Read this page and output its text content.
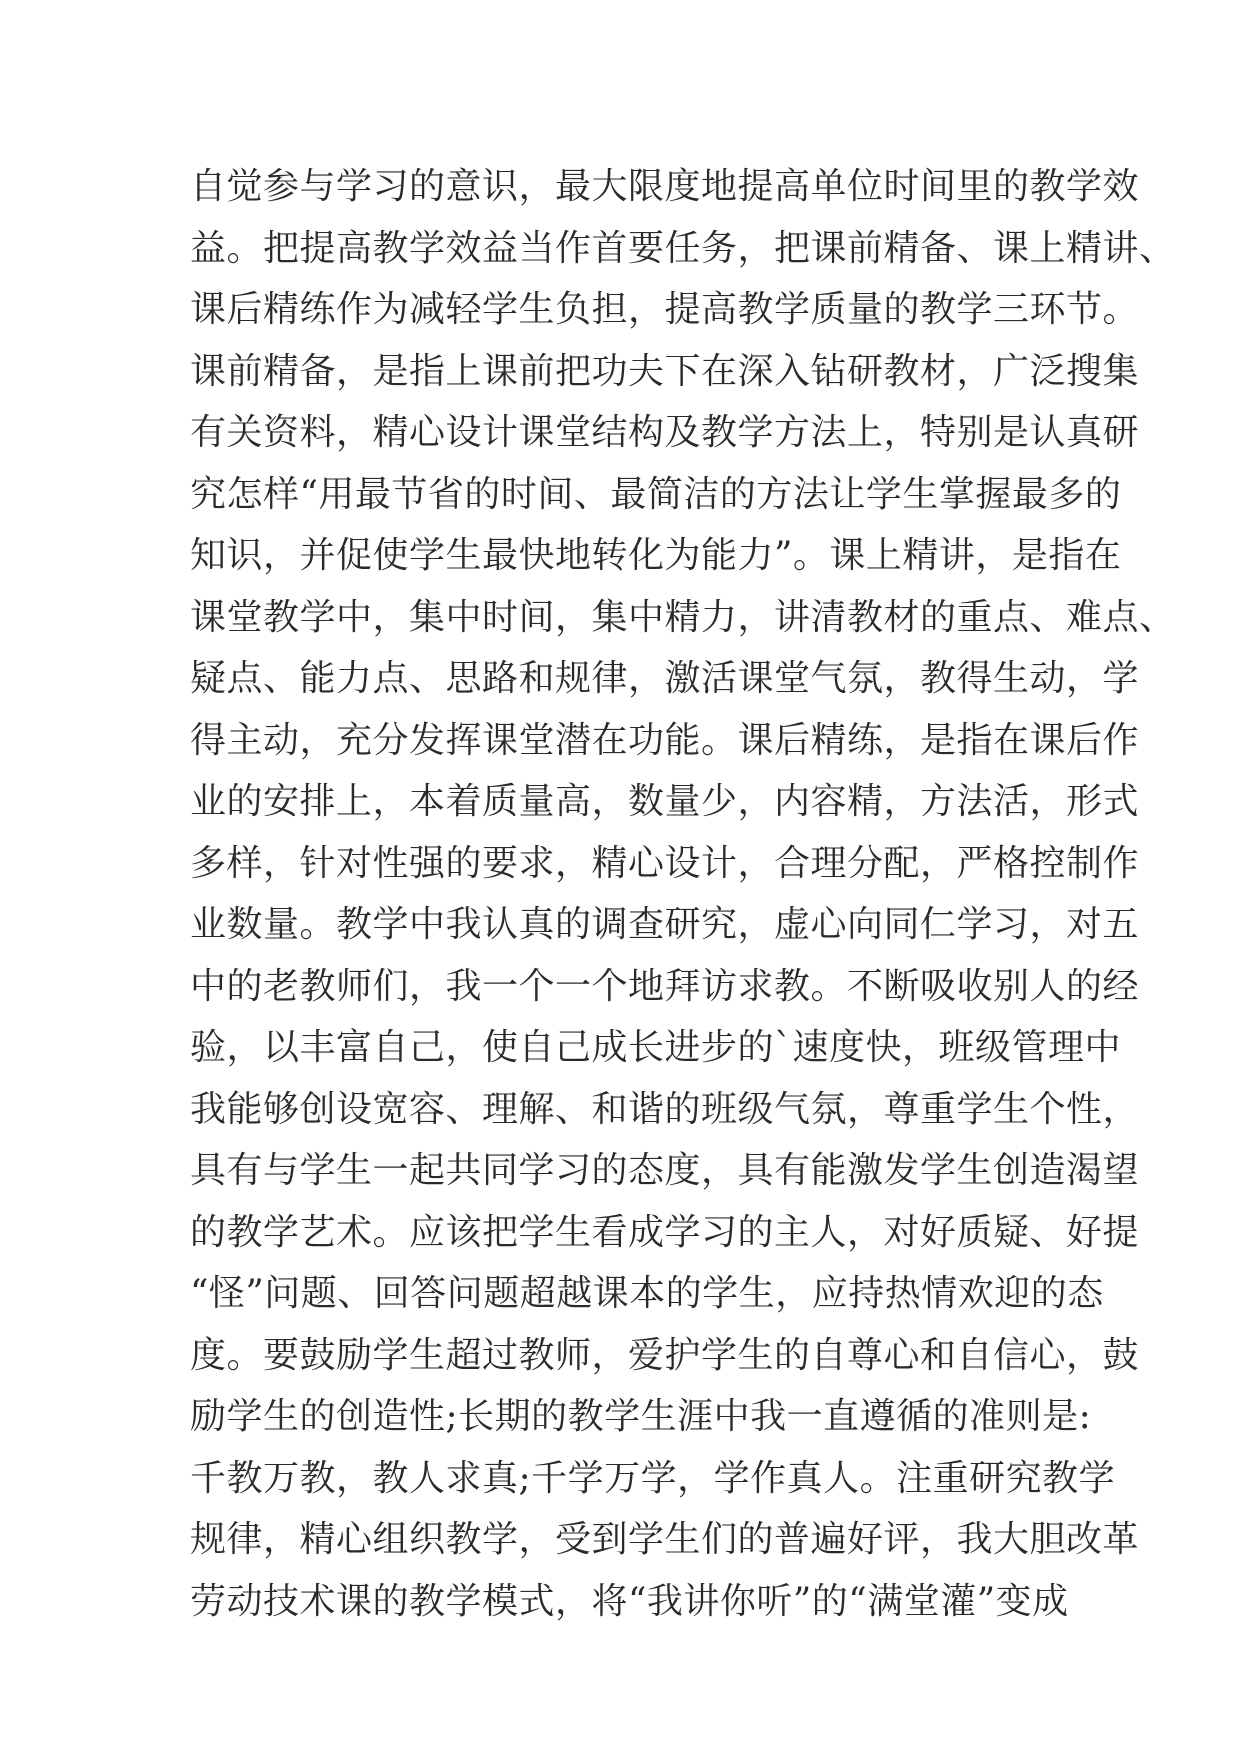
自觉参与学习的意识，最大限度地提高单位时间里的教学效
益。把提高教学效益当作首要任务，把课前精备、课上精讲、
课后精练作为减轻学生负担，提高教学质量的教学三环节。
课前精备，是指上课前把功夫下在深入钻研教材，广泛搜集
有关资料，精心设计课堂结构及教学方法上，特别是认真研
究怎样“用最节省的时间、最简洁的方法让学生掌握最多的
知识，并促使学生最快地转化为能力”。课上精讲，是指在
课堂教学中，集中时间，集中精力，讲清教材的重点、难点、
疑点、能力点、思路和规律，激活课堂气氛，教得生动，学
得主动，充分发挥课堂潜在功能。课后精练，是指在课后作
业的安排上，本着质量高，数量少，内容精，方法活，形式
多样，针对性强的要求，精心设计，合理分配，严格控制作
业数量。教学中我认真的调查研究，虚心向同仁学习，对五
中的老教师们，我一个一个地拜访求教。不断吸收别人的经
验，以丰富自己，使自己成长进步的`速度快，班级管理中
我能够创设宽容、理解、和谐的班级气氛，尊重学生个性，
具有与学生一起共同学习的态度，具有能激发学生创造渴望
的教学艺术。应该把学生看成学习的主人，对好质疑、好提
“怪”问题、回答问题超越课本的学生，应持热情欢迎的态
度。要鼓励学生超过教师，爱护学生的自尊心和自信心，鼓
励学生的创造性;长期的教学生涯中我一直遵循的准则是:
千教万教，教人求真;千学万学，学作真人。注重研究教学
规律，精心组织教学，受到学生们的普遍好评，我大胆改革
劳动技术课的教学模式，将“我讲你听”的“满堂灌”变成
